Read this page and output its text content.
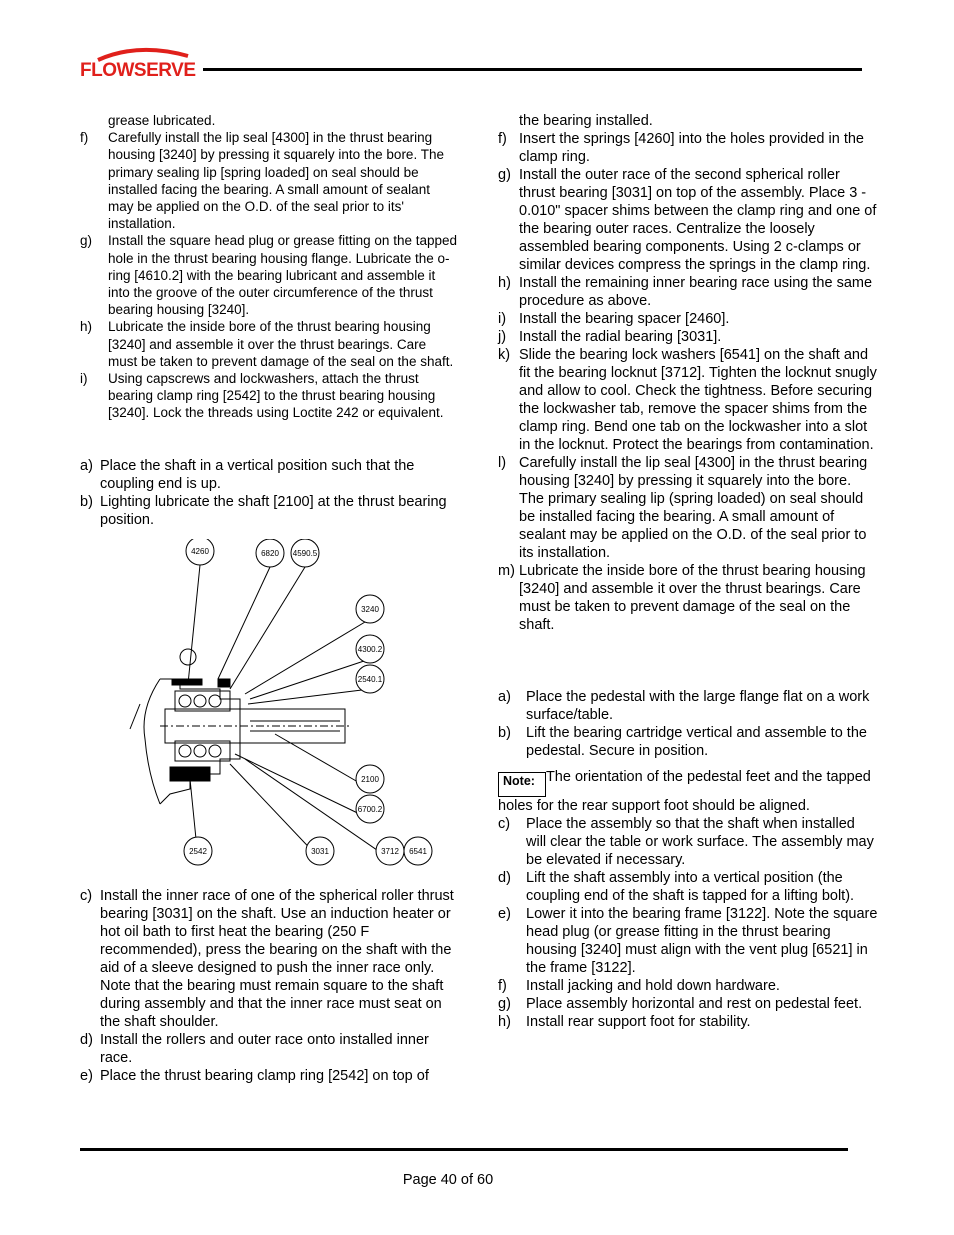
FLOWSERVE
grease lubricated.
f) Carefully install the lip seal [4300] in the thrust bearing housing [3240] by pressing it squarely into the bore. The primary sealing lip [spring loaded] on seal should be installed facing the bearing. A small amount of sealant may be applied on the O.D. of the seal prior to its' installation.
g) Install the square head plug or grease fitting on the tapped hole in the thrust bearing housing flange. Lubricate the o-ring [4610.2] with the bearing lubricant and assemble it into the groove of the outer circumference of the thrust bearing housing [3240].
h) Lubricate the inside bore of the thrust bearing housing [3240] and assemble it over the thrust bearings. Care must be taken to prevent damage of the seal on the shaft.
i) Using capscrews and lockwashers, attach the thrust bearing clamp ring [2542] to the thrust bearing housing [3240]. Lock the threads using Loctite 242 or equivalent.
a) Place the shaft in a vertical position such that the coupling end is up.
b) Lighting lubricate the shaft [2100] at the thrust bearing position.
4260	6820 4590.5
3240
4300.2
2540.1
2100
6700.2
2542	3031	3712 6541
c) Install the inner race of one of the spherical roller thrust bearing [3031] on the shaft. Use an induction heater or hot oil bath to first heat the bearing (250 F recommended), press the bearing on the shaft with the aid of a sleeve designed to push the inner race only. Note that the bearing must remain square to the shaft during assembly and that the inner race must seat on the shaft shoulder.
d) Install the rollers and outer race onto installed inner race.
e) Place the thrust bearing clamp ring [2542] on top of
the bearing installed.
f) Insert the springs [4260] into the holes provided in the clamp ring.
g) Install the outer race of the second spherical roller thrust bearing [3031] on top of the assembly. Place 3 - 0.010" spacer shims between the clamp ring and one of the bearing outer races. Centralize the loosely assembled bearing components. Using 2 c-clamps or similar devices compress the springs in the clamp ring.
h) Install the remaining inner bearing race using the same procedure as above.
i) Install the bearing spacer [2460].
j) Install the radial bearing [3031].
k) Slide the bearing lock washers [6541] on the shaft and fit the bearing locknut [3712]. Tighten the locknut snugly and allow to cool. Check the tightness. Before securing the lockwasher tab, remove the spacer shims from the clamp ring. Bend one tab on the lockwasher into a slot in the locknut. Protect the bearings from contamination.
l) Carefully install the lip seal [4300] in the thrust bearing housing [3240] by pressing it squarely into the bore. The primary sealing lip (spring loaded) on seal should be installed facing the bearing. A small amount of sealant may be applied on the O.D. of the seal prior to its installation.
m) Lubricate the inside bore of the thrust bearing housing [3240] and assemble it over the thrust bearings. Care must be taken to prevent damage of the seal on the shaft.
a) Place the pedestal with the large flange flat on a work surface/table.
b) Lift the bearing cartridge vertical and assemble to the pedestal. Secure in position.
Note: The orientation of the pedestal feet and the tapped holes for the rear support foot should be aligned.
c) Place the assembly so that the shaft when installed will clear the table or work surface. The assembly may be elevated if necessary.
d) Lift the shaft assembly into a vertical position (the coupling end of the shaft is tapped for a lifting bolt).
e) Lower it into the bearing frame [3122]. Note the square head plug (or grease fitting in the thrust bearing housing [3240] must align with the vent plug [6521] in the frame [3122].
f) Install jacking and hold down hardware.
g) Place assembly horizontal and rest on pedestal feet.
h) Install rear support foot for stability.
Page 40 of 60
